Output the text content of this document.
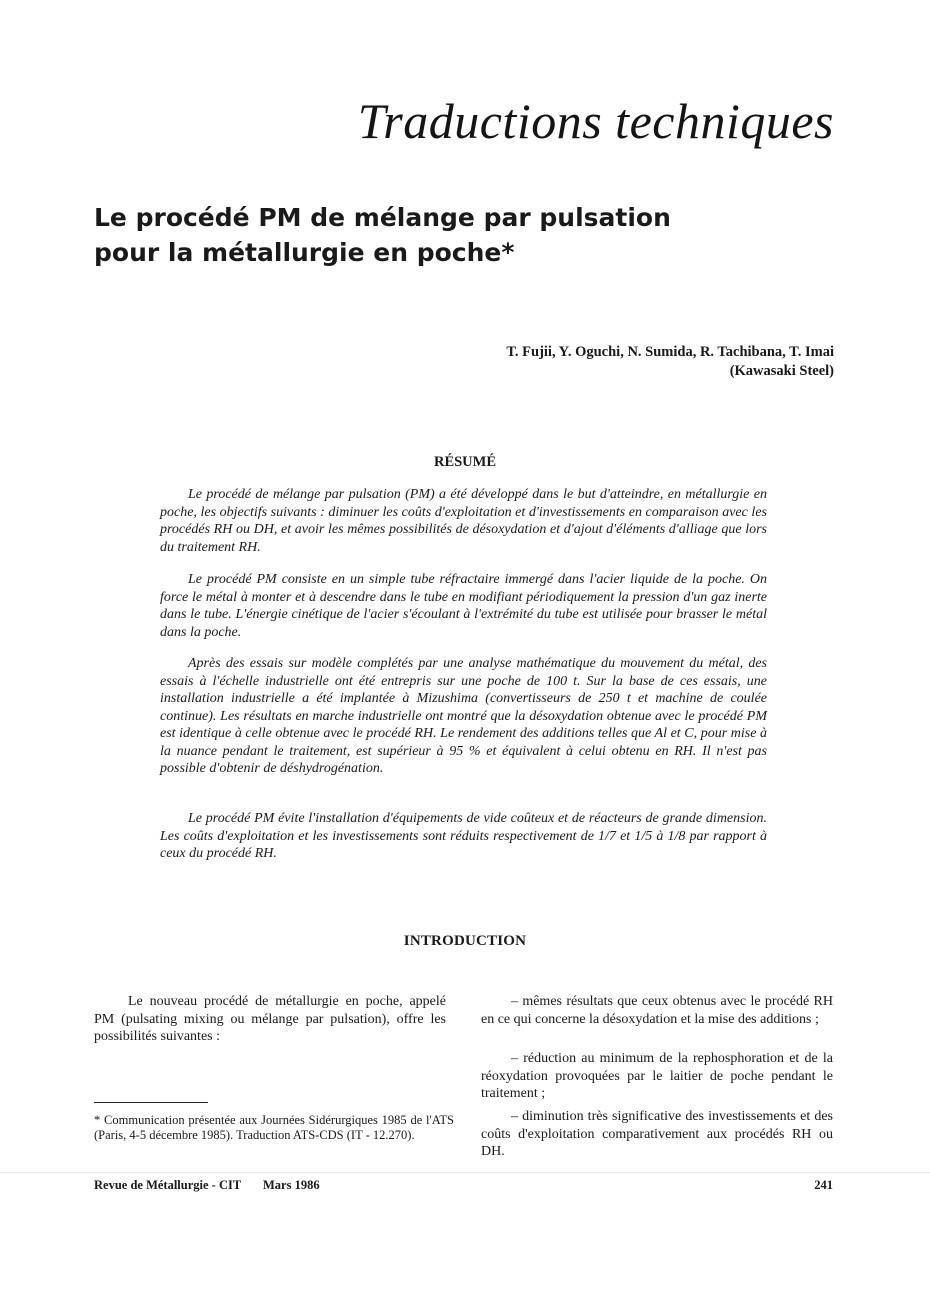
Traductions techniques
Le procédé PM de mélange par pulsation
pour la métallurgie en poche*
T. Fujii, Y. Oguchi, N. Sumida, R. Tachibana, T. Imai
(Kawasaki Steel)
RÉSUMÉ

Le procédé de mélange par pulsation (PM) a été développé dans le but d'atteindre, en métallurgie en poche, les objectifs suivants : diminuer les coûts d'exploitation et d'investissements en comparaison avec les procédés RH ou DH, et avoir les mêmes possibilités de désoxydation et d'ajout d'éléments d'alliage que lors du traitement RH.

Le procédé PM consiste en un simple tube réfractaire immergé dans l'acier liquide de la poche. On force le métal à monter et à descendre dans le tube en modifiant périodiquement la pression d'un gaz inerte dans le tube. L'énergie cinétique de l'acier s'écoulant à l'extrémité du tube est utilisée pour brasser le métal dans la poche.

Après des essais sur modèle complétés par une analyse mathématique du mouvement du métal, des essais à l'échelle industrielle ont été entrepris sur une poche de 100 t. Sur la base de ces essais, une installation industrielle a été implantée à Mizushima (convertisseurs de 250 t et machine de coulée continue). Les résultats en marche industrielle ont montré que la désoxydation obtenue avec le procédé PM est identique à celle obtenue avec le procédé RH. Le rendement des additions telles que Al et C, pour mise à la nuance pendant le traitement, est supérieur à 95 % et équivalent à celui obtenu en RH. Il n'est pas possible d'obtenir de déshydrogénation.

Le procédé PM évite l'installation d'équipements de vide coûteux et de réacteurs de grande dimension. Les coûts d'exploitation et les investissements sont réduits respectivement de 1/7 et 1/5 à 1/8 par rapport à ceux du procédé RH.

INTRODUCTION

Le nouveau procédé de métallurgie en poche, appelé PM (pulsating mixing ou mélange par pulsation), offre les possibilités suivantes :

– mêmes résultats que ceux obtenus avec le procédé RH en ce qui concerne la désoxydation et la mise des additions ;

– réduction au minimum de la rephosphoration et de la réoxydation provoquées par le laitier de poche pendant le traitement ;

– diminution très significative des investissements et des coûts d'exploitation comparativement aux procédés RH ou DH.

* Communication présentée aux Journées Sidérurgiques 1985 de l'ATS (Paris, 4-5 décembre 1985). Traduction ATS-CDS (IT - 12.270).

Revue de Métallurgie - CIT Mars 1986	241
